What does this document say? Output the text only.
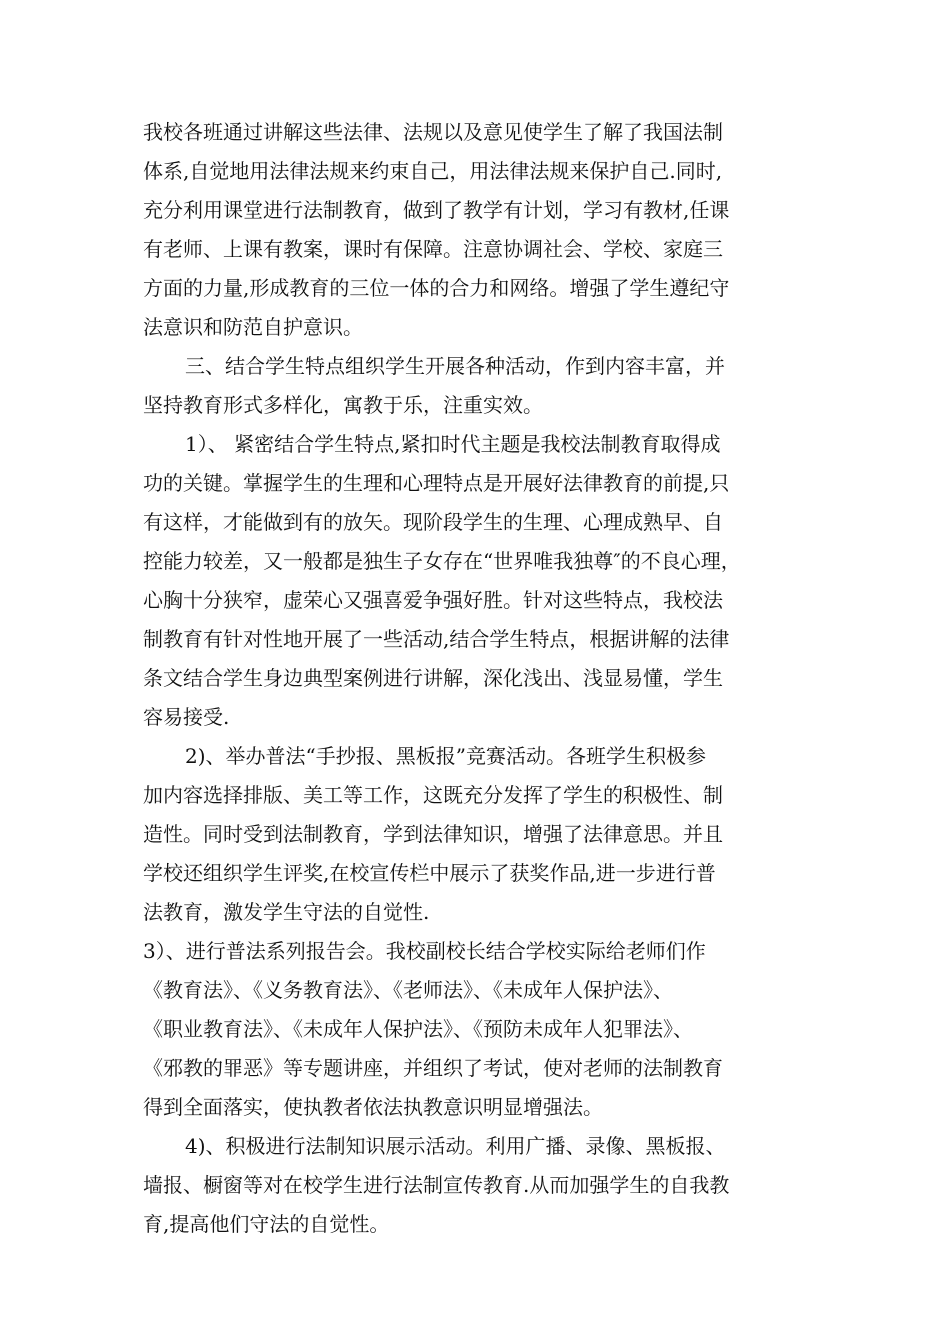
我校各班通过讲解这些法律、法规以及意见使学生了解了我国法制
体系,自觉地用法律法规来约束自己，用法律法规来保护自己.同时,
充分利用课堂进行法制教育，做到了教学有计划，学习有教材,任课
有老师、上课有教案，课时有保障。注意协调社会、学校、家庭三
方面的力量,形成教育的三位一体的合力和网络。增强了学生遵纪守
法意识和防范自护意识。
三、结合学生特点组织学生开展各种活动，作到内容丰富，并
坚持教育形式多样化，寓教于乐，注重实效。
1）、 紧密结合学生特点,紧扣时代主题是我校法制教育取得成
功的关键。掌握学生的生理和心理特点是开展好法律教育的前提,只
有这样，才能做到有的放矢。现阶段学生的生理、心理成熟早、自
控能力较差，又一般都是独生子女存在“世界唯我独尊″的不良心理，
心胸十分狭窄，虚荣心又强喜爱争强好胜。针对这些特点，我校法
制教育有针对性地开展了一些活动,结合学生特点，根据讲解的法律
条文结合学生身边典型案例进行讲解，深化浅出、浅显易懂，学生
容易接受.
2)、举办普法“手抄报、黑板报”竞赛活动。各班学生积极参
加内容选择排版、美工等工作，这既充分发挥了学生的积极性、制
造性。同时受到法制教育，学到法律知识，增强了法律意思。并且
学校还组织学生评奖,在校宣传栏中展示了获奖作品,进一步进行普
法教育，激发学生守法的自觉性.
3）、进行普法系列报告会。我校副校长结合学校实际给老师们作
《教育法》、《义务教育法》、《老师法》、《未成年人保护法》、
《职业教育法》、《未成年人保护法》、《预防未成年人犯罪法》、
《邪教的罪恶》等专题讲座，并组织了考试，使对老师的法制教育
得到全面落实，使执教者依法执教意识明显增强法。
4)、积极进行法制知识展示活动。利用广播、录像、黑板报、
墙报、橱窗等对在校学生进行法制宣传教育.从而加强学生的自我教
育,提高他们守法的自觉性。
